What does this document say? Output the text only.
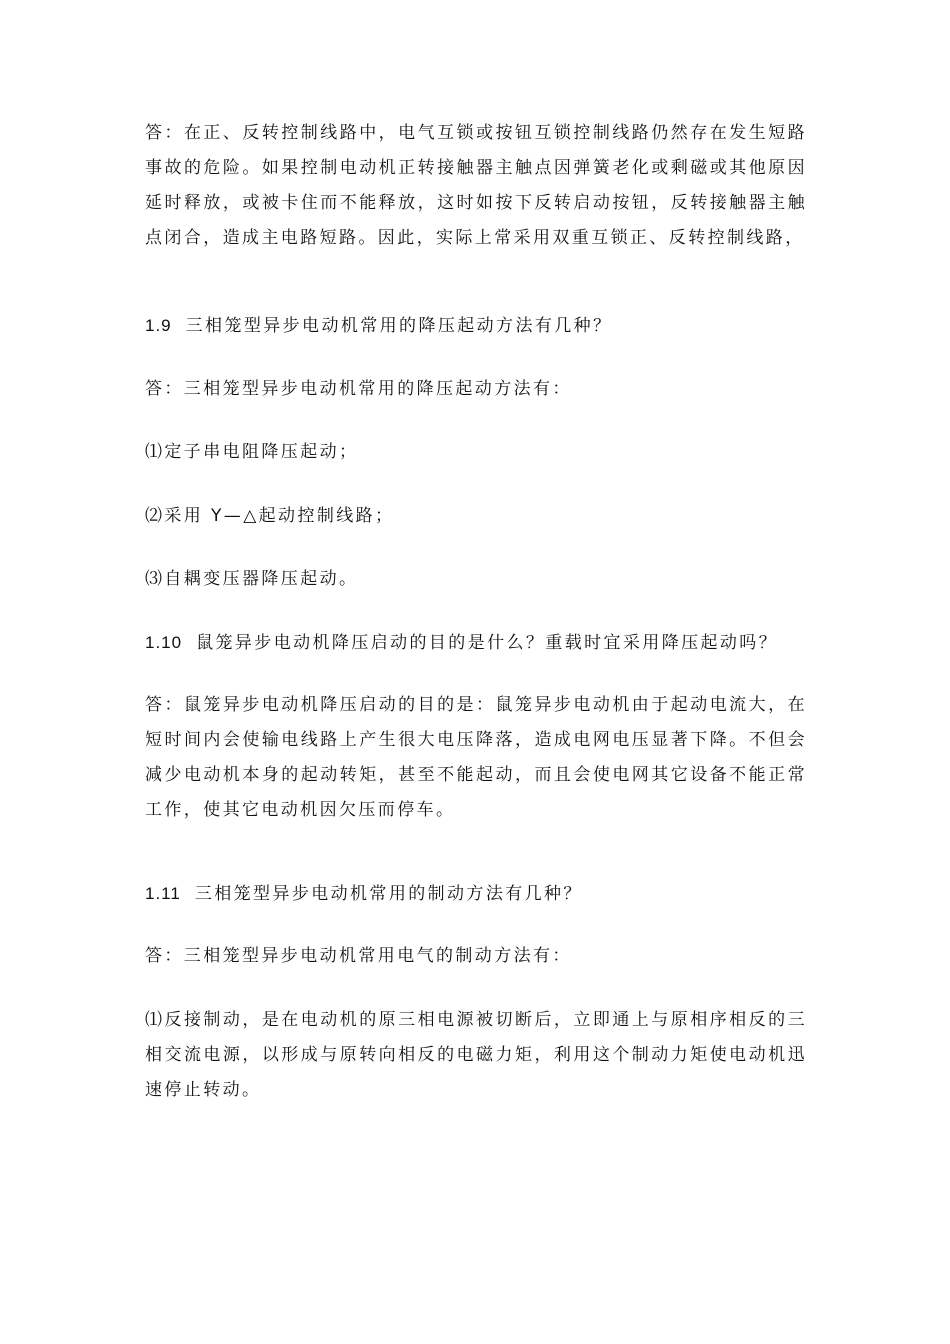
答：在正、反转控制线路中，电气互锁或按钮互锁控制线路仍然存在发生短路事故的危险。如果控制电动机正转接触器主触点因弹簧老化或剩磁或其他原因延时释放，或被卡住而不能释放，这时如按下反转启动按钮，反转接触器主触点闭合，造成主电路短路。因此，实际上常采用双重互锁正、反转控制线路，
1.9 三相笼型异步电动机常用的降压起动方法有几种？
答：三相笼型异步电动机常用的降压起动方法有：
⑴定子串电阻降压起动；
⑵采用 Y—△起动控制线路；
⑶自耦变压器降压起动。
1.10 鼠笼异步电动机降压启动的目的是什么？重载时宜采用降压起动吗？
答：鼠笼异步电动机降压启动的目的是：鼠笼异步电动机由于起动电流大，在短时间内会使输电线路上产生很大电压降落，造成电网电压显著下降。不但会减少电动机本身的起动转矩，甚至不能起动，而且会使电网其它设备不能正常工作，使其它电动机因欠压而停车。
1.11 三相笼型异步电动机常用的制动方法有几种？
答：三相笼型异步电动机常用电气的制动方法有：
⑴反接制动，是在电动机的原三相电源被切断后，立即通上与原相序相反的三相交流电源，以形成与原转向相反的电磁力矩，利用这个制动力矩使电动机迅速停止转动。
